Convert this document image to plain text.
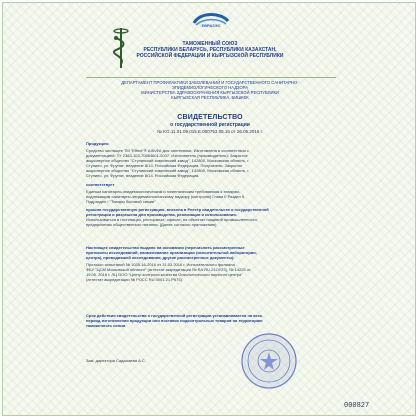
ЕВРАЗЭС
ТАМОЖЕННЫЙ СОЮЗ
РЕСПУБЛИКИ БЕЛАРУСЬ, РЕСПУБЛИКИ КАЗАХСТАН,
РОССИЙСКОЙ ФЕДЕРАЦИИ И КЫРГЫЗСКОЙ РЕСПУБЛИКИ
ДЕПАРТАМЕНТ ПРОФИЛАКТИКИ ЗАБОЛЕВАНИЙ И ГОСУДАРСТВЕННОГО САНИТАРНО-
ЭПИДЕМИОЛОГИЧЕСКОГО НАДЗОРА
МИНИСТЕРСТВА ЗДРАВООХРАНЕНИЯ КЫРГЫЗСКОЙ РЕСПУБЛИКИ
КЫРГЫЗСКАЯ РЕСПУБЛИКА, БИШКЕК
СВИДЕТЕЛЬСТВО
о государственной регистрации
№ KG.11.01.09.015.Е.000753.05.16 от 26.05.2016 г.
Продукция:
Средство чистящее ТМ "Effect"® АЛЬФА для сантехники. Изготовлена в соответствии с
документацией: ТУ 2383-103-70864801-2007. Изготовитель (производитель): Закрытое
акционерное общество "Ступинский химический завод", 142800, Московская область, г.
Ступино, ул. Фрунзе, владение 8/14, Российская Федерация. Получатель: Закрытое
акционерное общество "Ступинский химический завод", 142800, Московская область, г.
Ступино, ул. Фрунзе, владение 8/14, Российская Федерация.
соответствует
Единым санитарно-эпидемиологическим и гигиеническим требованиям к товарам,
подлежащим санитарно-эпидемиологическому надзору (контролю) Глава II Раздел 5
Подраздел I "Товары бытовой химии"
прошла государственную регистрацию, внесена в Реестр свидетельств о государственной
регистрации и разрешена для производства, реализации и использования.
Использоваться в гостиницах, ресторанах, офисах, на объектах пищевой промышленности,
предприятиях общественного питания. (Далее согласно приложению)
Настоящее свидетельство выдано на основании (перечислить рассмотренные
протоколы исследований, наименование организации (испытательной лаборатории,
центра), проводившей исследования, другие рассмотренные документы):
Протокол испытаний № 1035-16-2016 от 31.03.2016 г. Испытательного филиала
ФБУ "ЦСМ Московской области" (аттестат аккредитации № RA.RU.21ОУ23), № 14225 от
19.05. 2016 г. ЛЦ ООО "Центр контроля качества Онкологического научного центра"
(аттестат аккредитации № РОСС RU.0001.21.РК75)
Срок действия свидетельства о государственной регистрации устанавливается на весь
период изготовления продукции или поставок подконтрольных товаров на территорию
таможенного союза
Зам. директора Садыкаева А.С.
000827
